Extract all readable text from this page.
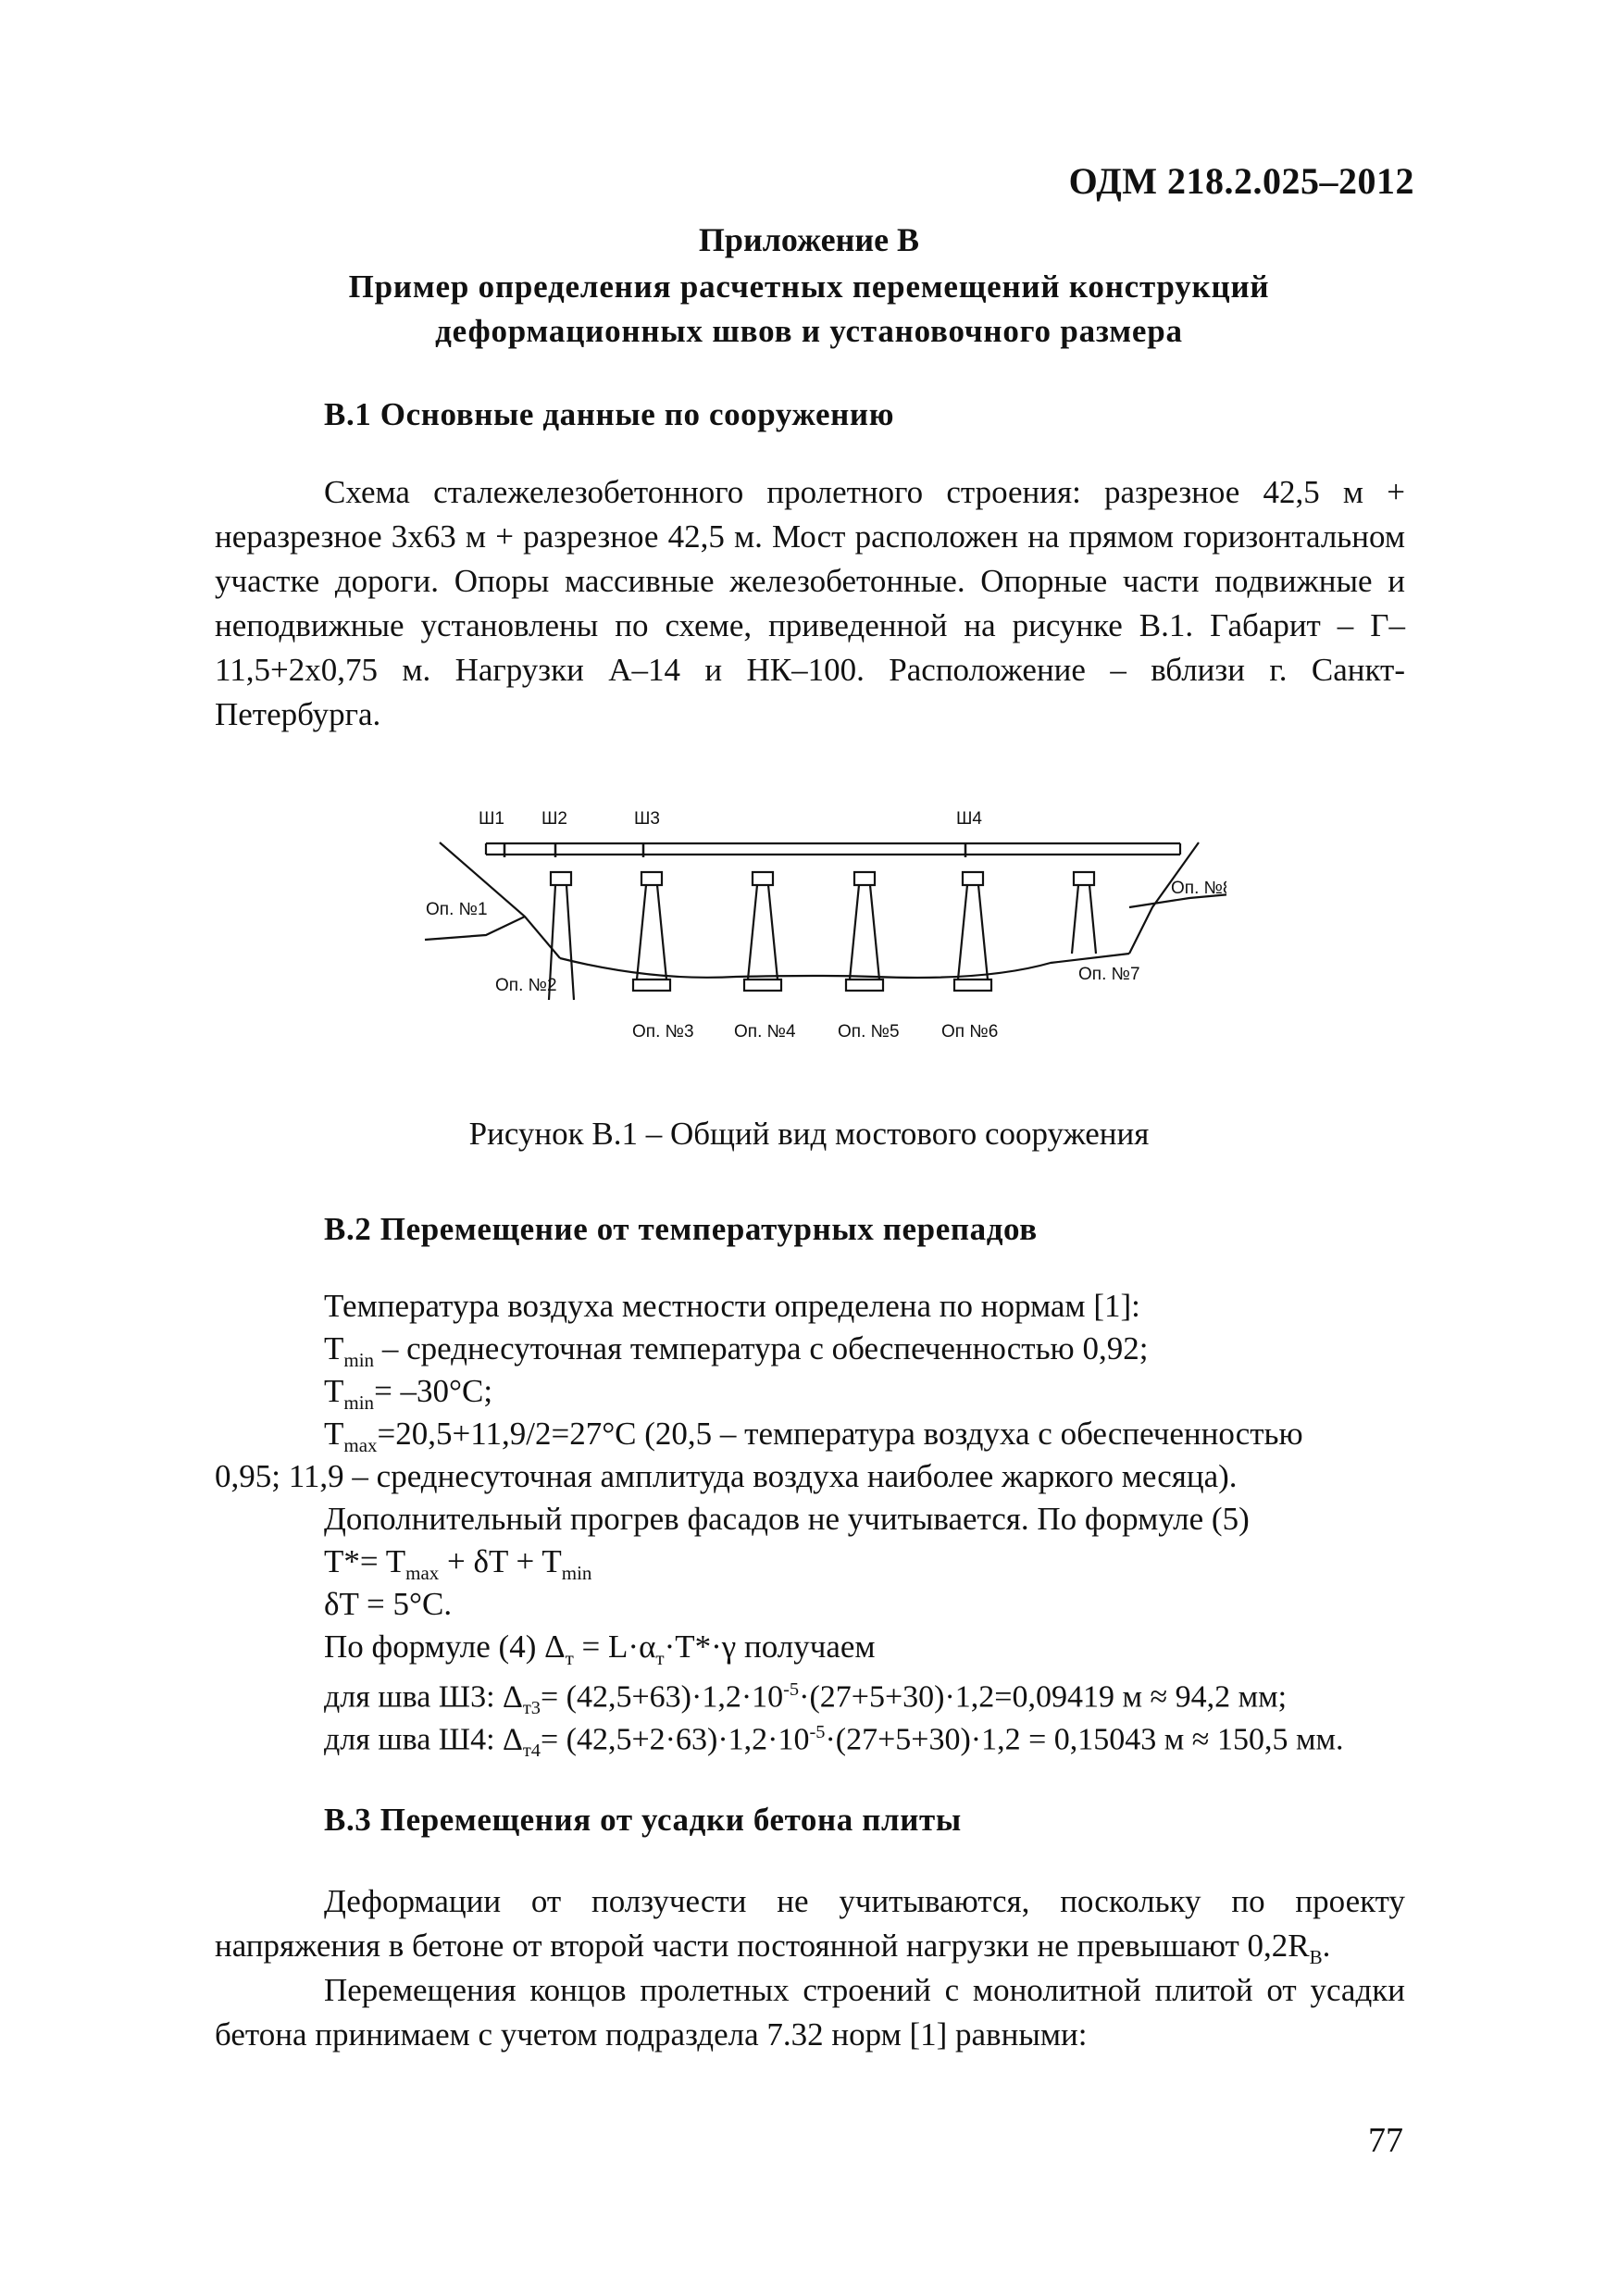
ОДМ 218.2.025–2012
Приложение В
Пример определения расчетных перемещений конструкций
деформационных швов и установочного размера
В.1 Основные данные по сооружению
Схема сталежелезобетонного пролетного строения: разрезное 42,5 м + неразрезное 3х63 м + разрезное 42,5 м. Мост расположен на прямом горизонтальном участке дороги. Опоры массивные железобетонные. Опорные части подвижные и неподвижные установлены по схеме, приведенной на рисунке В.1. Габарит – Г–11,5+2х0,75 м. Нагрузки А–14 и НК–100. Расположение – вблизи г. Санкт-Петербурга.
Ш1 Ш2	Ш3	Ш4
Оп. №1
Оп. №2
Оп. №3 Оп. №4 Оп. №5 Оп №6
Оп. №7
Оп. №8
Рисунок В.1 – Общий вид мостового сооружения
В.2 Перемещение от температурных перепадов
Температура воздуха местности определена по нормам [1]:
$T_{min}$ – среднесуточная температура с обеспеченностью 0,92;
$T_{min}= -30^\circ С$;
$T_{max}=20,5+11,9/2=27^\circ С$ (20,5 – температура воздуха с обеспеченностью
0,95; 11,9 – среднесуточная амплитуда воздуха наиболее жаркого месяца).
Дополнительный прогрев фасадов не учитывается. По формуле (5)
$T*= T_{max} + \delta T + T_{min}$
δT = 5°С.
По формуле (4) $\Delta_т = L\cdot\alpha_т\cdot T*\cdot\gamma$ получаем
для шва Ш3: $\Delta_{т3}= (42,5+63)\cdot 1,2\cdot 10^{-5}\cdot(27+5+30)\cdot 1,2=0,09419$ м ≈ 94,2 мм;
для шва Ш4: $\Delta_{т4}= (42,5+2\cdot 63)\cdot 1,2\cdot 10^{-5}\cdot(27+5+30)\cdot 1,2 = 0,15043$ м ≈ 150,5 мм.
В.3 Перемещения от усадки бетона плиты
Деформации от ползучести не учитываются, поскольку по проекту напряжения в бетоне от второй части постоянной нагрузки не превышают $0,2R_B$.
Перемещения концов пролетных строений с монолитной плитой от усадки бетона принимаем с учетом подраздела 7.32 норм [1] равными:
77
